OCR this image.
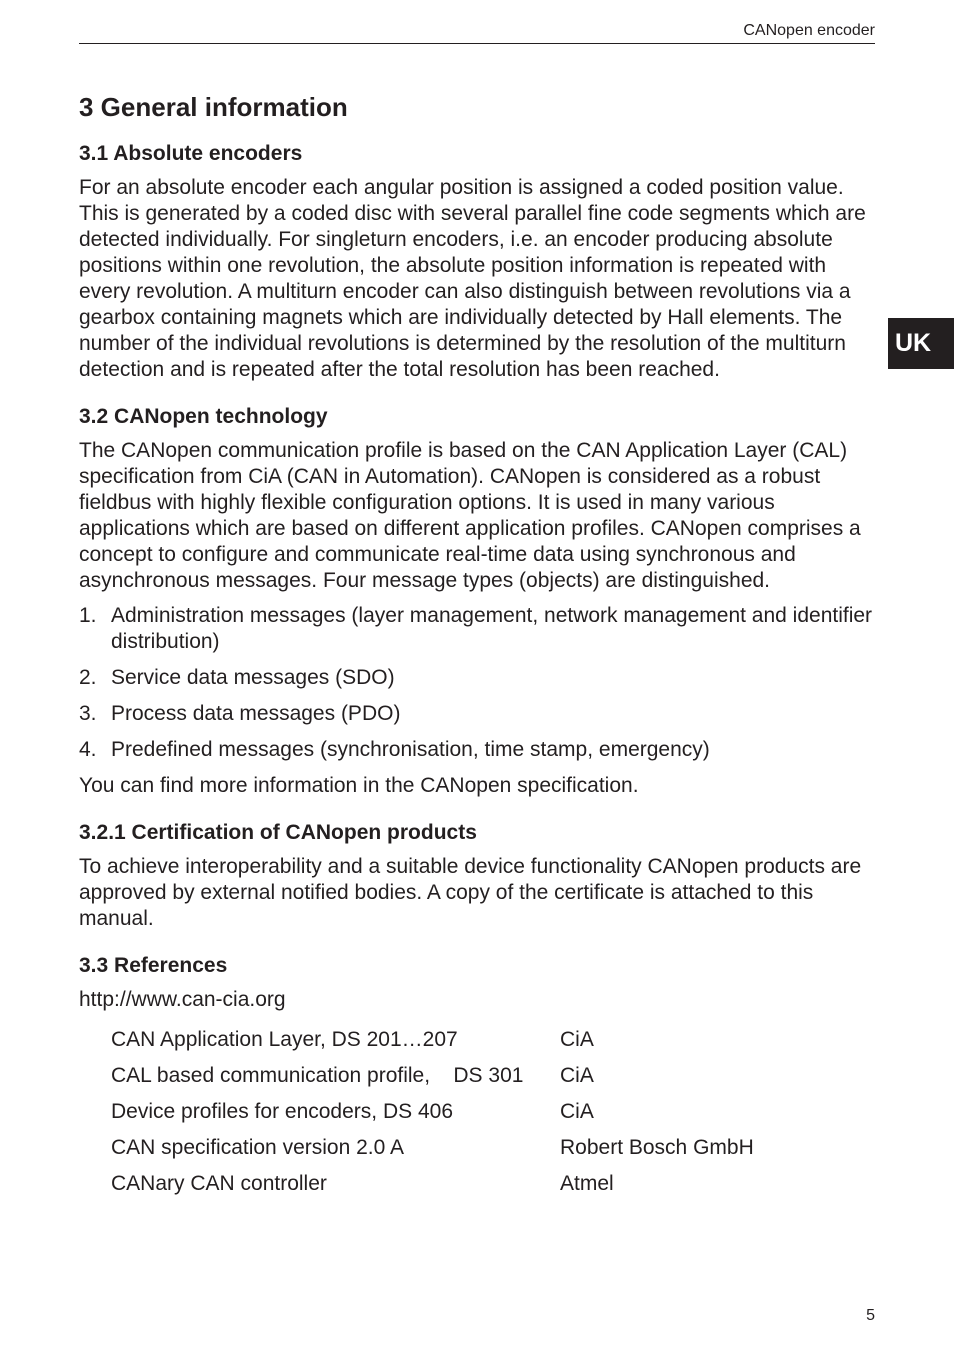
CANopen encoder
UK
3 General information
3.1 Absolute encoders

For an absolute encoder each angular position is assigned a coded position value. This is generated by a coded disc with several parallel fine code segments which are detected individually. For singleturn encoders, i.e. an encoder producing absolute positions within one revolution, the absolute position information is repeated with every revolution. A multiturn encoder can also distinguish between revolutions via a gearbox containing magnets which are individually detected by Hall elements. The number of the individual revolutions is determined by the resolution of the multiturn detection and is repeated after the total resolution has been reached.

3.2 CANopen technology

The CANopen communication profile is based on the CAN Application Layer (CAL) specification from CiA (CAN in Automation). CANopen is considered as a robust fieldbus with highly flexible configuration options. It is used in many various applications which are based on different application profiles. CANopen comprises a concept to configure and communicate real-time data using synchronous and asynchronous messages. Four message types (objects) are distinguished.

1. Administration messages (layer management, network management and identifier distribution)
2. Service data messages (SDO)
3. Process data messages (PDO)
4. Predefined messages (synchronisation, time stamp, emergency)

You can find more information in the CANopen specification.

3.2.1 Certification of CANopen products

To achieve interoperability and a suitable device functionality CANopen products are approved by external notified bodies. A copy of the certificate is attached to this manual.

3.3 References

http://www.can-cia.org

CAN Application Layer, DS 201…207	CiA
CAL based communication profile,    DS 301	CiA
Device profiles for encoders, DS 406	CiA
CAN specification version 2.0 A	Robert Bosch GmbH
CANary CAN controller	Atmel
5
